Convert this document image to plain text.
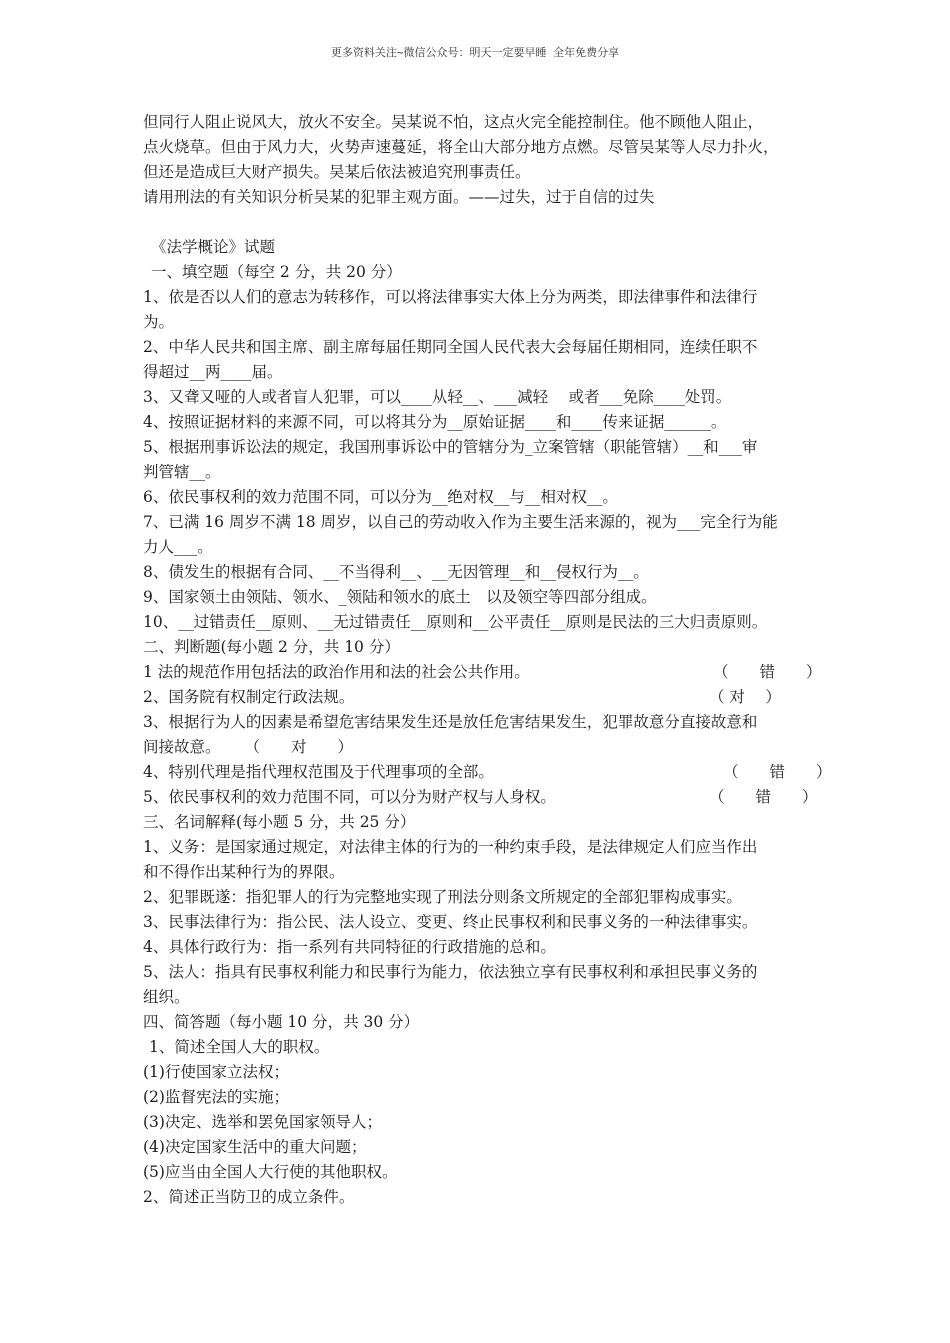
更多资料关注~微信公众号：明天一定要早睡 全年免费分享
但同行人阻止说风大，放火不安全。吴某说不怕，这点火完全能控制住。他不顾他人阻止，
点火烧草。但由于风力大，火势声速蔓延，将全山大部分地方点燃。尽管吴某等人尽力扑火，
但还是造成巨大财产损失。吴某后依法被追究刑事责任。
请用刑法的有关知识分析吴某的犯罪主观方面。——过失，过于自信的过失
《法学概论》试题
一、填空题（每空 2 分，共 20 分）
1、依是否以人们的意志为转移作，可以将法律事实大体上分为两类，即法律事件和法律行
为。
2、中华人民共和国主席、副主席每届任期同全国人民代表大会每届任期相同，连续任职不
得超过__两____届。
3、又聋又哑的人或者盲人犯罪，可以____从轻__、___减轻　 或者___免除____处罚。
4、按照证据材料的来源不同，可以将其分为__原始证据____和____传来证据______。
5、根据刑事诉讼法的规定，我国刑事诉讼中的管辖分为_立案管辖（职能管辖）__和___审
判管辖__。
6、依民事权利的效力范围不同，可以分为__绝对权__与__相对权__。
7、已满 16 周岁不满 18 周岁，以自己的劳动收入作为主要生活来源的，视为___完全行为能
力人___。
8、债发生的根据有合同、__不当得利__、__无因管理__和__侵权行为__。
9、国家领土由领陆、领水、_领陆和领水的底土　以及领空等四部分组成。
10、__过错责任__原则、__无过错责任__原则和__公平责任__原则是民法的三大归责原则。
二、判断题(每小题 2 分，共 10 分）
1 法的规范作用包括法的政治作用和法的社会公共作用。	（　　错　　）
2、国务院有权制定行政法规。	（ 对　 ）
3、根据行为人的因素是希望危害结果发生还是放任危害结果发生，犯罪故意分直接故意和
间接故意。 （　　对　　）
4、特别代理是指代理权范围及于代理事项的全部。	（　　错　　）
5、依民事权利的效力范围不同，可以分为财产权与人身权。	（　　错　　）
三、名词解释(每小题 5 分，共 25 分）
1、义务：是国家通过规定，对法律主体的行为的一种约束手段，是法律规定人们应当作出
和不得作出某种行为的界限。
2、犯罪既遂：指犯罪人的行为完整地实现了刑法分则条文所规定的全部犯罪构成事实。
3、民事法律行为：指公民、法人设立、变更、终止民事权利和民事义务的一种法律事实。
4、具体行政行为：指一系列有共同特征的行政措施的总和。
5、法人：指具有民事权利能力和民事行为能力，依法独立享有民事权利和承担民事义务的
组织。
四、简答题（每小题 10 分，共 30 分）
1、简述全国人大的职权。
(1)行使国家立法权；
(2)监督宪法的实施；
(3)决定、选举和罢免国家领导人；
(4)决定国家生活中的重大问题；
(5)应当由全国人大行使的其他职权。
2、简述正当防卫的成立条件。
